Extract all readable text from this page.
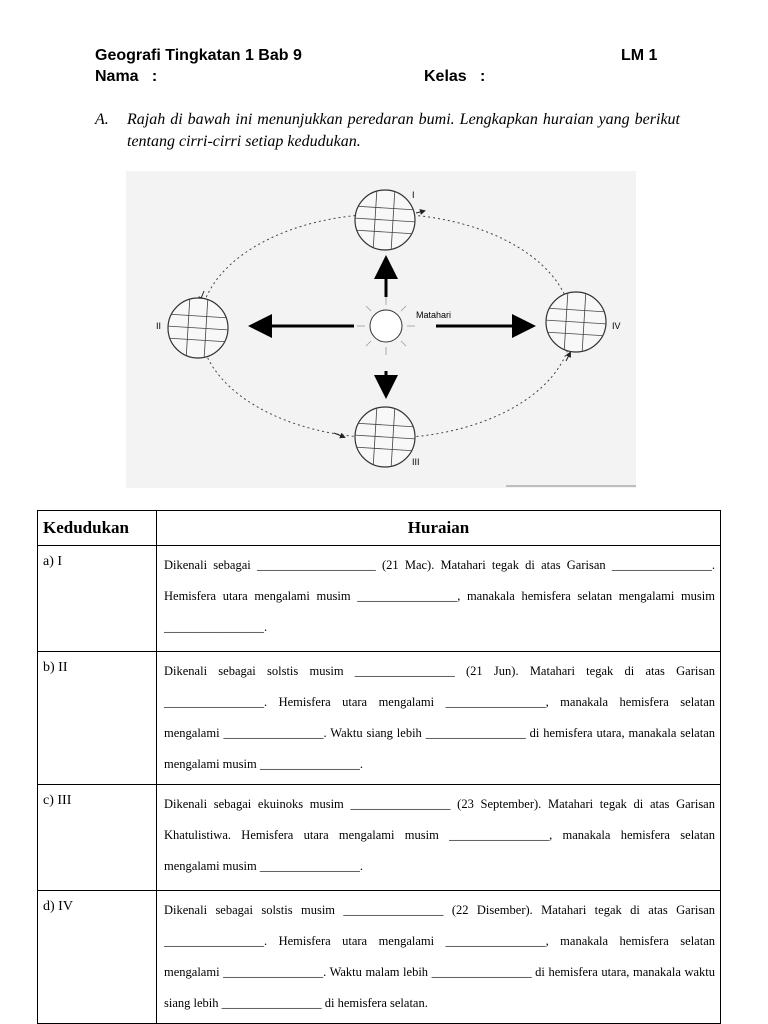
Geografi Tingkatan 1 Bab 9	LM 1
Nama   :	Kelas   :
A. Rajah di bawah ini menunjukkan peredaran bumi. Lengkapkan huraian yang berikut tentang cirri-cirri setiap kedudukan.
Matahari
I
II
III
IV
Kedudukan	Huraian
a) I	Dikenali sebagai ___________________ (21 Mac). Matahari tegak di atas Garisan ________________. Hemisfera utara mengalami musim ________________, manakala hemisfera selatan mengalami musim ________________.
b) II	Dikenali sebagai solstis musim ________________ (21 Jun). Matahari tegak di atas Garisan ________________. Hemisfera utara mengalami ________________, manakala hemisfera selatan mengalami ________________. Waktu siang lebih ________________ di hemisfera utara, manakala selatan mengalami musim ________________.
c) III	Dikenali sebagai ekuinoks musim ________________ (23 September). Matahari tegak di atas Garisan Khatulistiwa. Hemisfera utara mengalami musim ________________, manakala hemisfera selatan mengalami musim ________________.
d) IV	Dikenali sebagai solstis musim ________________ (22 Disember). Matahari tegak di atas Garisan ________________. Hemisfera utara mengalami ________________, manakala hemisfera selatan mengalami ________________. Waktu malam lebih ________________ di hemisfera utara, manakala waktu siang lebih ________________ di hemisfera selatan.
